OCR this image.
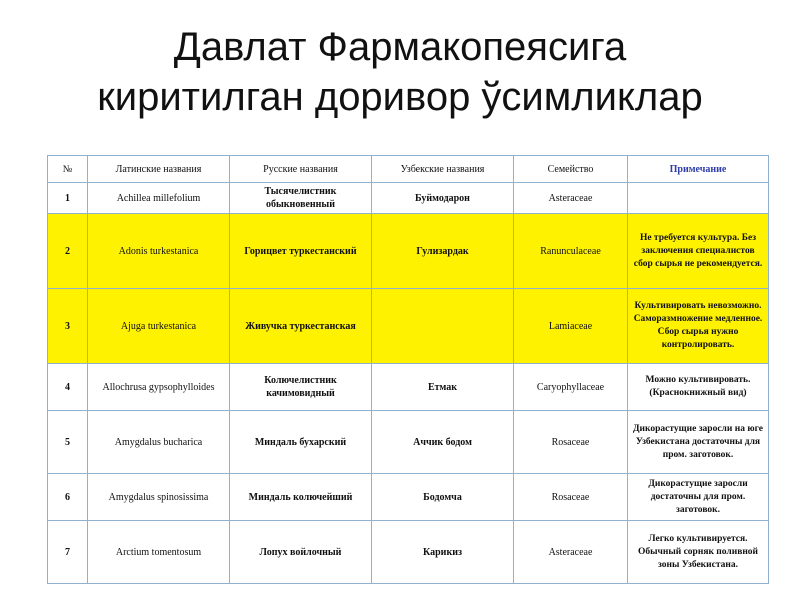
Давлат Фармакопеясига
киритилган доривор ўсимликлар
№	Латинские названия	Русские названия	Узбекские названия	Семейство	Примечание
1	Achillea millefolium	Тысячелистник обыкновенный	Буймодарон	Asteraceae	
2	Adonis turkestanica	Горицвет туркестанский	Гулизардак	Ranunculaceae	Не требуется культура. Без заключения специалистов сбор сырья не рекомендуется.
3	Ajuga turkestanica	Живучка туркестанская		Lamiaceae	Культивировать невозможно. Саморазмножение медленное. Сбор сырья нужно контролировать.
4	Allochrusa gypsophylloides	Колючелистник качимовидный	Етмак	Caryophyllaceae	Можно культивировать. (Краснокнижный вид)
5	Amygdalus bucharica	Миндаль бухарский	Аччик бодом	Rosaceae	Дикорастущие заросли на юге Узбекистана достаточны для пром. заготовок.
6	Amygdalus spinosissima	Миндаль колючейший	Бодомча	Rosaceae	Дикорастущие заросли достаточны для пром. заготовок.
7	Arctium tomentosum	Лопух войлочный	Карикиз	Asteraceae	Легко культивируется. Обычный сорняк поливной зоны Узбекистана.
